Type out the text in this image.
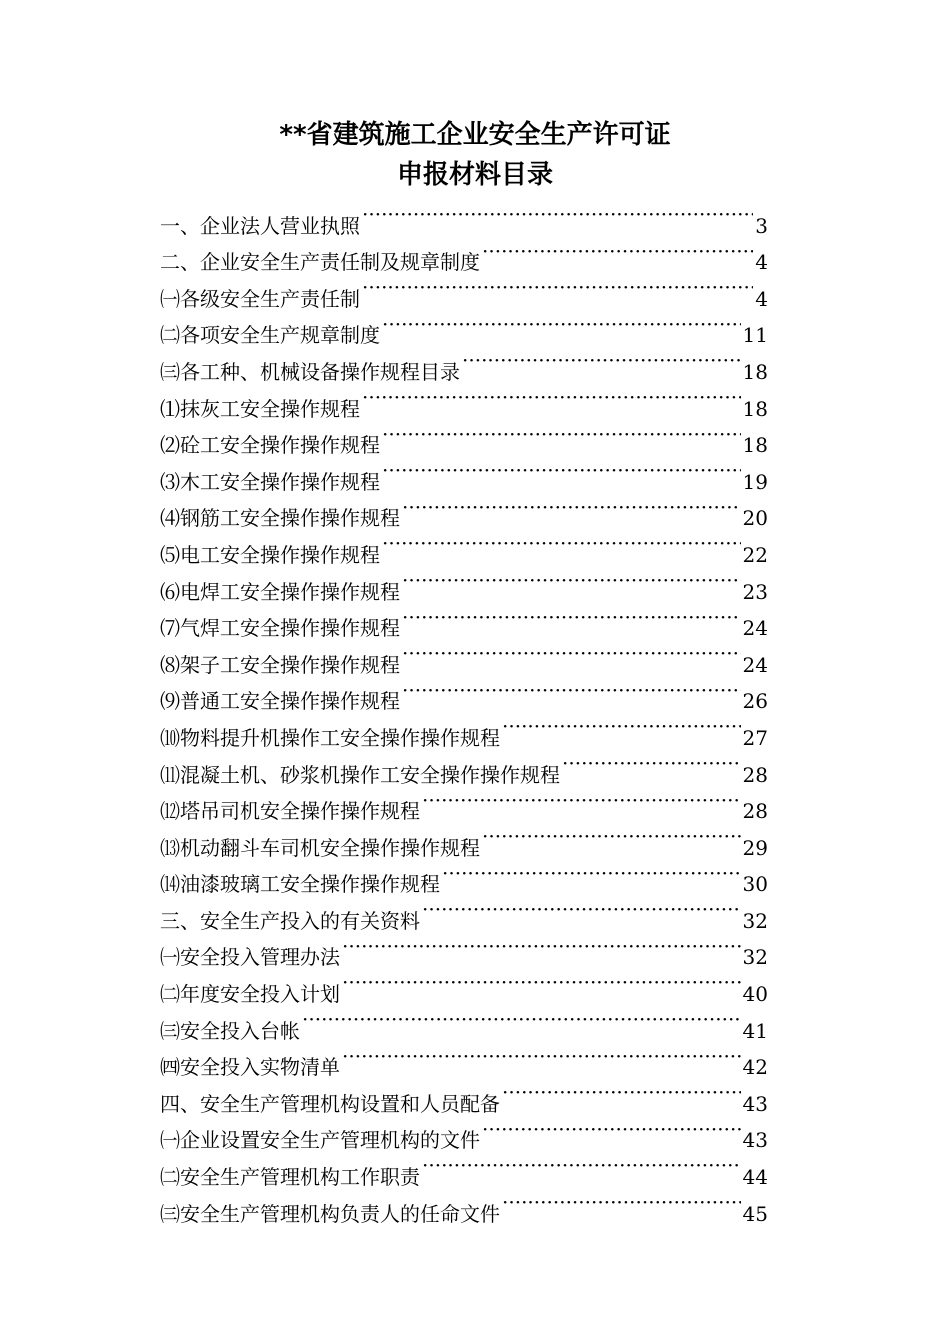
**省建筑施工企业安全生产许可证
申报材料目录
一、企业法人营业执照 ·····	3
二、企业安全生产责任制及规章制度 ·····	4
㈠各级安全生产责任制 ·····	4
㈡各项安全生产规章制度 ·····	11
㈢各工种、机械设备操作规程目录 ·····	18
⑴抹灰工安全操作规程 ·····	18
⑵砼工安全操作操作规程 ·····	18
⑶木工安全操作操作规程 ·····	19
⑷钢筋工安全操作操作规程 ·····	20
⑸电工安全操作操作规程 ·····	22
⑹电焊工安全操作操作规程 ·····	23
⑺气焊工安全操作操作规程 ·····	24
⑻架子工安全操作操作规程 ·····	24
⑼普通工安全操作操作规程 ·····	26
⑽物料提升机操作工安全操作操作规程 ·····	27
⑾混凝土机、砂浆机操作工安全操作操作规程 ·····	28
⑿塔吊司机安全操作操作规程 ·····	28
⒀机动翻斗车司机安全操作操作规程 ·····	29
⒁油漆玻璃工安全操作操作规程 ·····	30
三、安全生产投入的有关资料 ·····	32
㈠安全投入管理办法 ·····	32
㈡年度安全投入计划 ·····	40
㈢安全投入台帐 ·····	41
㈣安全投入实物清单 ·····	42
四、安全生产管理机构设置和人员配备 ·····	43
㈠企业设置安全生产管理机构的文件 ·····	43
㈡安全生产管理机构工作职责 ·····	44
㈢安全生产管理机构负责人的任命文件 ·····	45
